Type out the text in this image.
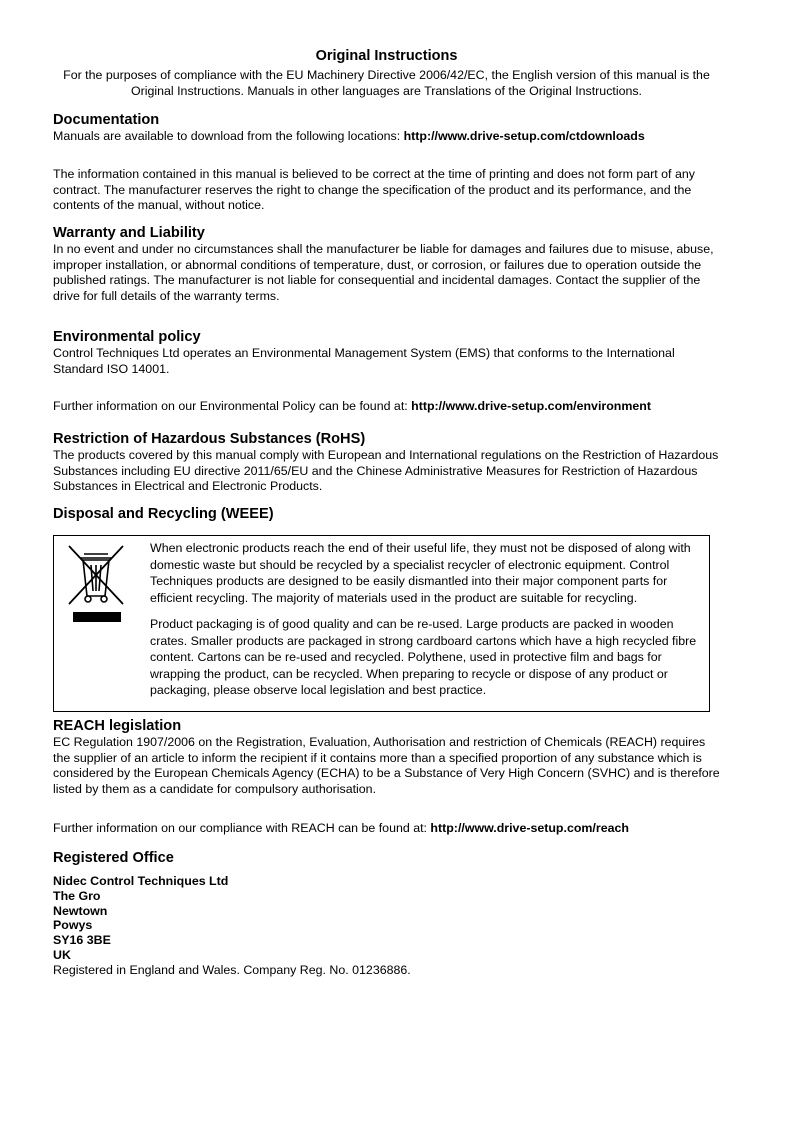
Original Instructions

For the purposes of compliance with the EU Machinery Directive 2006/42/EC, the English version of this manual is the Original Instructions. Manuals in other languages are Translations of the Original Instructions.

Documentation

Manuals are available to download from the following locations: http://www.drive-setup.com/ctdownloads

The information contained in this manual is believed to be correct at the time of printing and does not form part of any contract. The manufacturer reserves the right to change the specification of the product and its performance, and the contents of the manual, without notice.

Warranty and Liability

In no event and under no circumstances shall the manufacturer be liable for damages and failures due to misuse, abuse, improper installation, or abnormal conditions of temperature, dust, or corrosion, or failures due to operation outside the published ratings. The manufacturer is not liable for consequential and incidental damages. Contact the supplier of the drive for full details of the warranty terms.

Environmental policy

Control Techniques Ltd operates an Environmental Management System (EMS) that conforms to the International Standard ISO 14001.

Further information on our Environmental Policy can be found at: http://www.drive-setup.com/environment

Restriction of Hazardous Substances (RoHS)

The products covered by this manual comply with European and International regulations on the Restriction of Hazardous Substances including EU directive 2011/65/EU and the Chinese Administrative Measures for Restriction of Hazardous Substances in Electrical and Electronic Products.

Disposal and Recycling (WEEE)

When electronic products reach the end of their useful life, they must not be disposed of along with domestic waste but should be recycled by a specialist recycler of electronic equipment. Control Techniques products are designed to be easily dismantled into their major component parts for efficient recycling. The majority of materials used in the product are suitable for recycling.

Product packaging is of good quality and can be re-used. Large products are packed in wooden crates. Smaller products are packaged in strong cardboard cartons which have a high recycled fibre content. Cartons can be re-used and recycled. Polythene, used in protective film and bags for wrapping the product, can be recycled. When preparing to recycle or dispose of any product or packaging, please observe local legislation and best practice.

REACH legislation

EC Regulation 1907/2006 on the Registration, Evaluation, Authorisation and restriction of Chemicals (REACH) requires the supplier of an article to inform the recipient if it contains more than a specified proportion of any substance which is considered by the European Chemicals Agency (ECHA) to be a Substance of Very High Concern (SVHC) and is therefore listed by them as a candidate for compulsory authorisation.

Further information on our compliance with REACH can be found at: http://www.drive-setup.com/reach

Registered Office

Nidec Control Techniques Ltd

The Gro

Newtown

Powys

SY16 3BE

UK

Registered in England and Wales. Company Reg. No. 01236886.
